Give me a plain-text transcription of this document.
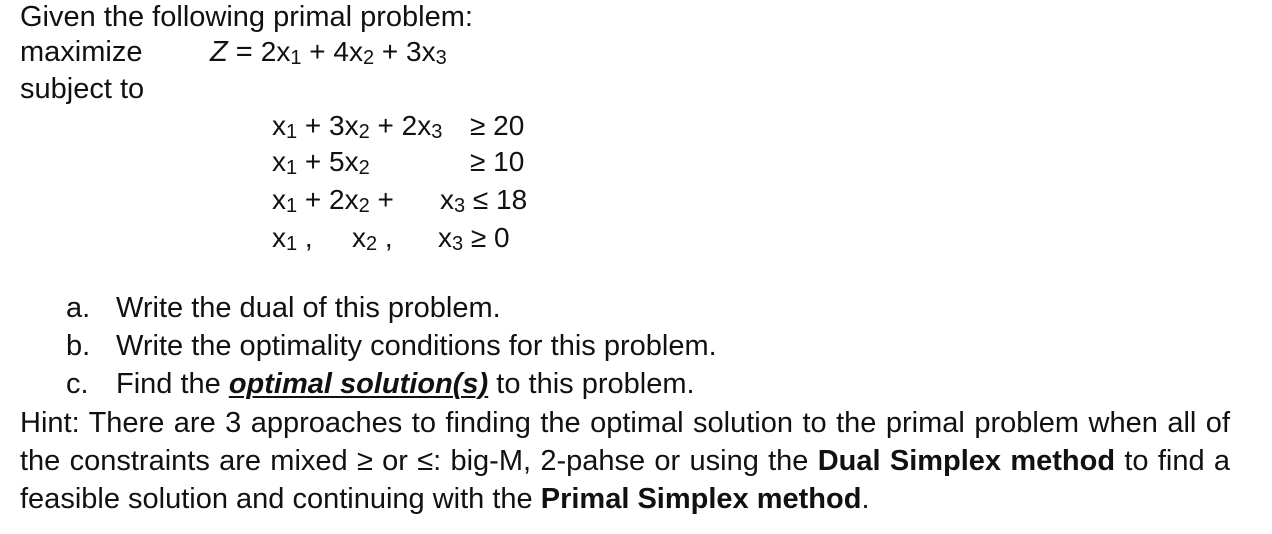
Given the following primal problem:
maximize Z = 2x1 + 4x2 + 3x3
subject to
x1 + 3x2 + 2x3 ≥ 20
x1 + 5x2	≥ 10
x1 + 2x2 + x3 ≤ 18
x1 , x2 , x3 ≥ 0
a. Write the dual of this problem.
b. Write the optimality conditions for this problem.
c. Find the optimal solution(s) to this problem.
Hint: There are 3 approaches to finding the optimal solution to the primal problem when all of the constraints are mixed ≥ or ≤: big-M, 2-pahse or using the Dual Simplex method to find a feasible solution and continuing with the Primal Simplex method.
